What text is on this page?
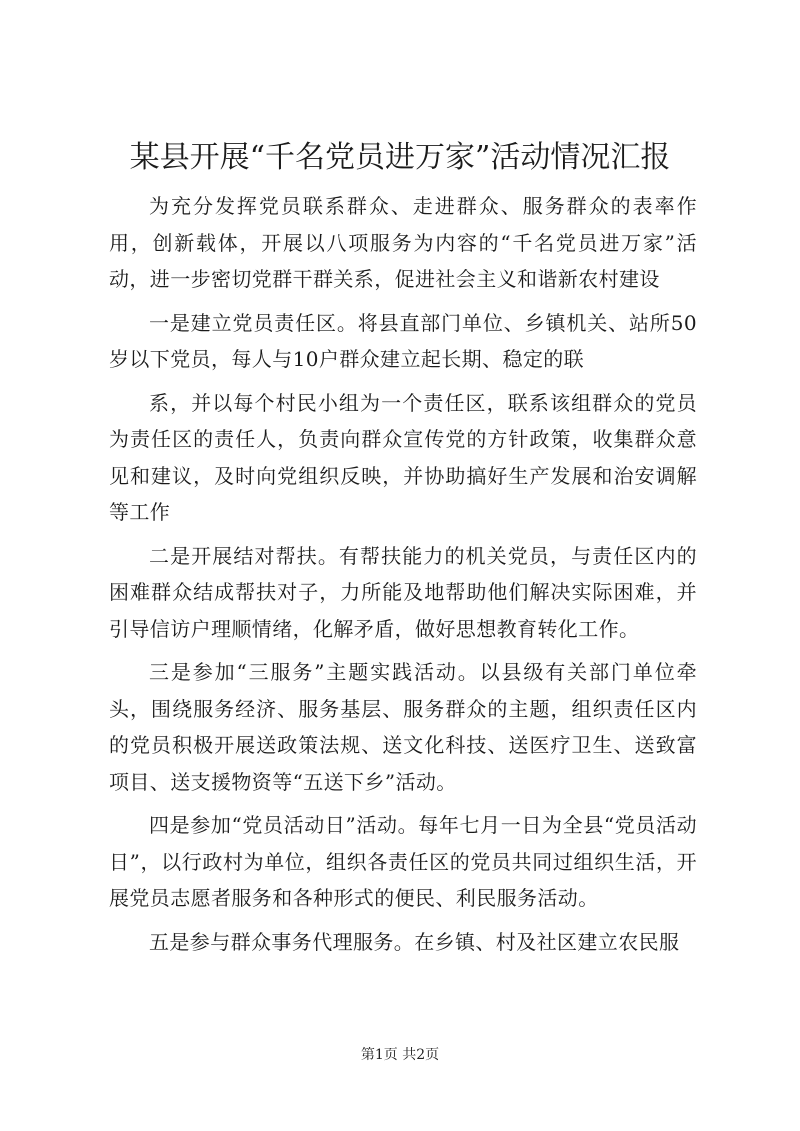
某县开展“千名党员进万家”活动情况汇报

为充分发挥党员联系群众、走进群众、服务群众的表率作用，创新载体，开展以八项服务为内容的“千名党员进万家”活动，进一步密切党群干群关系，促进社会主义和谐新农村建设

一是建立党员责任区。将县直部门单位、乡镇机关、站所50岁以下党员，每人与10户群众建立起长期、稳定的联

系，并以每个村民小组为一个责任区，联系该组群众的党员为责任区的责任人，负责向群众宣传党的方针政策，收集群众意见和建议，及时向党组织反映，并协助搞好生产发展和治安调解等工作

二是开展结对帮扶。有帮扶能力的机关党员，与责任区内的困难群众结成帮扶对子，力所能及地帮助他们解决实际困难，并引导信访户理顺情绪，化解矛盾，做好思想教育转化工作。

三是参加“三服务”主题实践活动。以县级有关部门单位牵头，围绕服务经济、服务基层、服务群众的主题，组织责任区内的党员积极开展送政策法规、送文化科技、送医疗卫生、送致富项目、送支援物资等“五送下乡”活动。

四是参加“党员活动日”活动。每年七月一日为全县“党员活动日”，以行政村为单位，组织各责任区的党员共同过组织生活，开展党员志愿者服务和各种形式的便民、利民服务活动。

五是参与群众事务代理服务。在乡镇、村及社区建立农民服

第1页 共2页
